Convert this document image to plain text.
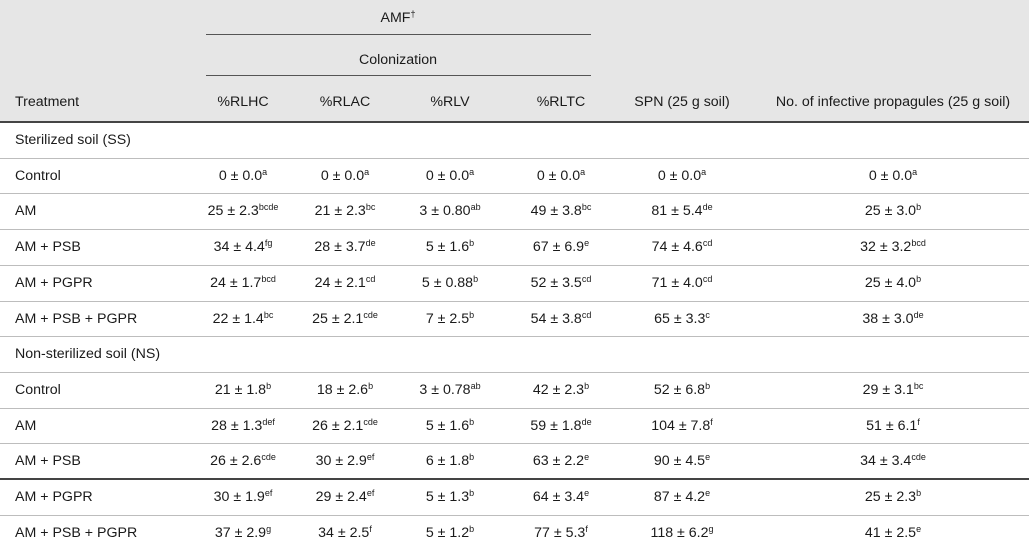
AMF†
Colonization
Treatment	%RLHC	%RLAC	%RLV	%RLTC	SPN (25 g soil)	No. of infective propagules (25 g soil)
Sterilized soil (SS)
Control	0 ± 0.0$^a$	0 ± 0.0$^a$	0 ± 0.0$^a$	0 ± 0.0$^a$	0 ± 0.0$^a$	0 ± 0.0$^a$
AM	$25 \pm 2.3^{bcde}$	21 ± 2.3$^{bc}$	3 ± 0.80$^{ab}$	49 ± 3.8$^{bc}$	81 ± 5.4de	25 ± 3.0$^b$
AM + PSB	34 ± 4.4$^{fg}$	28 ± 3.7de	5 ± 1.6$^b$	67 ± 6.9$^e$	74 ± 4.6$^{cd}$	32 ± 3.2$^{bcd}$
AM + PGPR	24 ± 1.7$^{bcd}$	24 ± 2.1$^{cd}$	5 ± 0.88$^b$	52 ± 3.5$^{cd}$	71 ± 4.0$^{cd}$	25 ± 4.0$^b$
AM + PSB + PGPR	22 ± 1.4$^{bc}$	25 ± 2.1$^{cde}$	7 ± 2.5$^b$	54 ± 3.8$^{cd}$	65 ± 3.3$^c$	38 ± 3.0de
Non-sterilized soil (NS)
Control	21 ± 1.8$^b$	18 ± 2.6$^b$	3 ± 0.78$^{ab}$	42 ± 2.3$^b$	52 ± 6.8$^b$	29 ± 3.1$^{bc}$
AM	28 ± 1.3$^{def}$	26 ± 2.1$^{cde}$	5 ± 1.6$^b$	59 ± 1.8de	104 ± 7.8$^f$	51 ± 6.1$^f$
AM + PSB	26 ± 2.6$^{cde}$	30 ± 2.9$^{ef}$	6 ± 1.8$^b$	63 ± 2.2$^e$	90 ± 4.5$^e$	34 ± 3.4$^{cde}$
AM + PGPR	30 ± 1.9$^{ef}$	29 ± 2.4$^{ef}$	5 ± 1.3$^b$	64 ± 3.4$^e$	87 ± 4.2$^e$	25 ± 2.3$^b$
AM + PSB + PGPR	37 ± 2.9$^g$	34 ± 2.5$^f$	5 ± 1.2$^b$	77 ± 5.3$^f$	118 ± 6.2$^g$	41 ± 2.5$^e$
